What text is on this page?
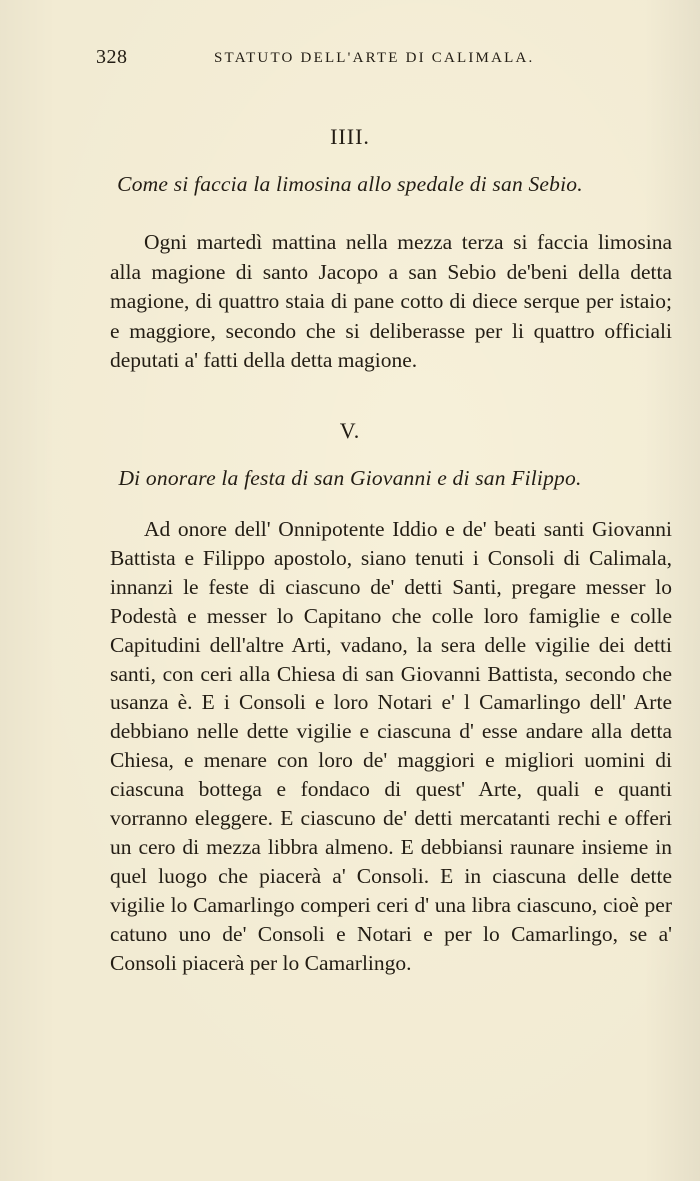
328	STATUTO DELL'ARTE DI CALIMALA.
IIII.
Come si faccia la limosina allo spedale di san Sebio.

Ogni martedì mattina nella mezza terza si faccia limosina alla magione di santo Jacopo a san Sebio de'beni della detta magione, di quattro staia di pane cotto di diece serque per istaio; e maggiore, secondo che si deliberasse per li quattro officiali deputati a' fatti della detta magione.

V.
Di onorare la festa di san Giovanni e di san Filippo.

Ad onore dell' Onnipotente Iddio e de' beati santi Giovanni Battista e Filippo apostolo, siano tenuti i Consoli di Calimala, innanzi le feste di ciascuno de' detti Santi, pregare messer lo Podestà e messer lo Capitano che colle loro famiglie e colle Capitudini dell'altre Arti, vadano, la sera delle vigilie dei detti santi, con ceri alla Chiesa di san Giovanni Battista, secondo che usanza è. E i Consoli e loro Notari e' l Camarlingo dell' Arte debbiano nelle dette vigilie e ciascuna d' esse andare alla detta Chiesa, e menare con loro de' maggiori e migliori uomini di ciascuna bottega e fondaco di quest' Arte, quali e quanti vorranno eleggere. E ciascuno de' detti mercatanti rechi e offeri un cero di mezza libbra almeno. E debbiansi raunare insieme in quel luogo che piacerà a' Consoli. E in ciascuna delle dette vigilie lo Camarlingo comperi ceri d' una libra ciascuno, cioè per catuno uno de' Consoli e Notari e per lo Camarlingo, se a' Consoli piacerà per lo Camarlingo.
